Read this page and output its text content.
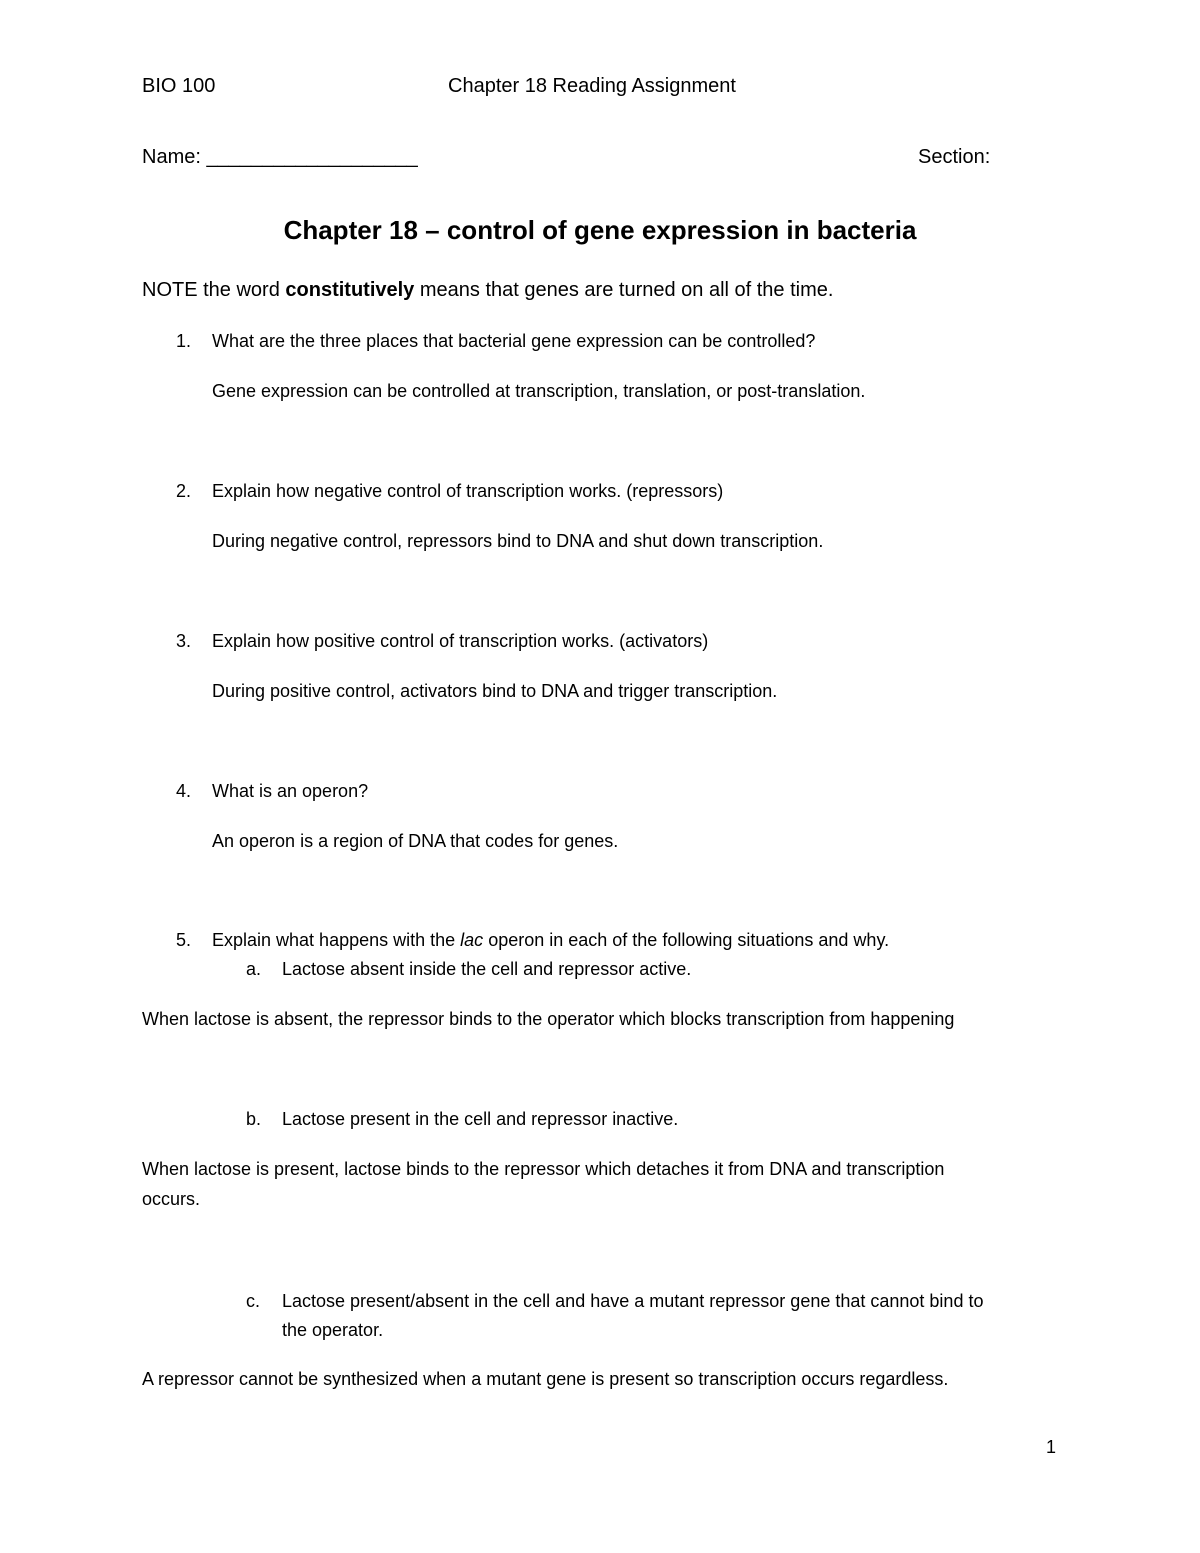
BIO 100	Chapter 18 Reading Assignment
Name: ___________________	Section:
Chapter 18 – control of gene expression in bacteria
NOTE the word constitutively means that genes are turned on all of the time.
1. What are the three places that bacterial gene expression can be controlled?
Gene expression can be controlled at transcription, translation, or post-translation.
2. Explain how negative control of transcription works. (repressors)
During negative control, repressors bind to DNA and shut down transcription.
3. Explain how positive control of transcription works. (activators)
During positive control, activators bind to DNA and trigger transcription.
4. What is an operon?
An operon is a region of DNA that codes for genes.
5. Explain what happens with the lac operon in each of the following situations and why.
a. Lactose absent inside the cell and repressor active.
When lactose is absent, the repressor binds to the operator which blocks transcription from happening
b. Lactose present in the cell and repressor inactive.
When lactose is present, lactose binds to the repressor which detaches it from DNA and transcription
occurs.
c. Lactose present/absent in the cell and have a mutant repressor gene that cannot bind to
the operator.
A repressor cannot be synthesized when a mutant gene is present so transcription occurs regardless.
1
